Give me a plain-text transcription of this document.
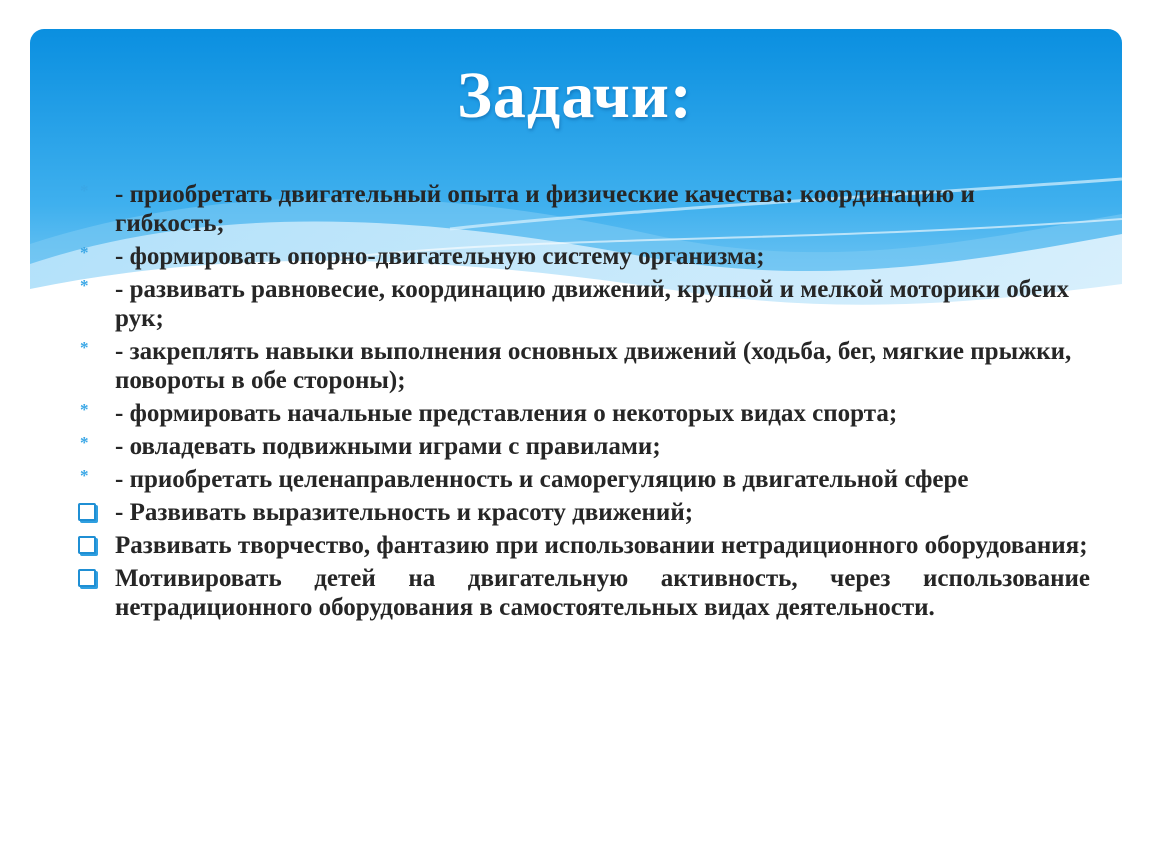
Задачи:
* - приобретать двигательный опыта и физические качества: координацию и гибкость;
* - формировать опорно-двигательную систему организма;
* - развивать равновесие, координацию движений, крупной и мелкой моторики обеих рук;
* - закреплять навыки выполнения основных движений (ходьба, бег, мягкие прыжки, повороты в обе стороны);
* - формировать начальные представления о некоторых видах спорта;
* - овладевать подвижными играми с правилами;
* - приобретать целенаправленность и саморегуляцию в двигательной сфере
- Развивать выразительность и красоту движений;
Развивать творчество, фантазию при использовании нетрадиционного оборудования;
Мотивировать детей на двигательную активность, через использование нетрадиционного оборудования в самостоятельных видах деятельности.
